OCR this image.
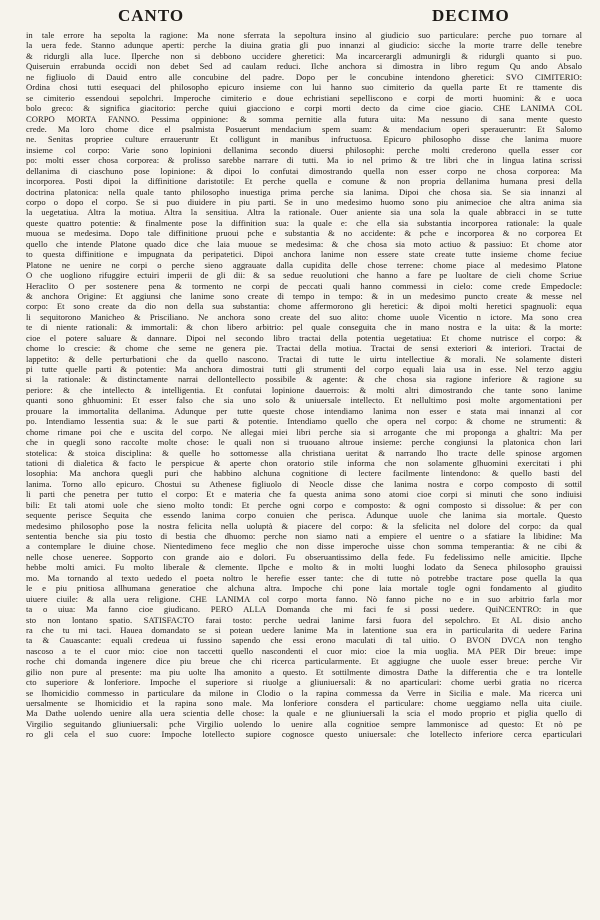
CANTO	DECIMO
in tale errore ha sepolta la ragione: Ma none sferrata la sepoltura insino al giudicio suo particulare: perche puo tornare al
la uera fede. Stanno adunque aperti: perche la diuina gratia gli puo innanzi al giudicio: sicche la morte trarre delle tenebre
& ridurgli alla luce. Ilperche non si debbono uccidere gheretici: Ma incarcerargli admunirgli & ridurgli quanto si puo.
Quiseruin errabunda occidi non debet Sed ad caulam reduci. Ilche anchora si dimostra in libro regum Qu ando Absalo
ne figliuolo di Dauid entro alle concubine del padre. Dopo per le concubine intendono gheretici: SVO CIMITERIO:
Ordina chosi tutti esequaci del philosopho epicuro insieme con lui hanno suo cimiterio da quella parte Et re ttamente dis
se cimiterio essendoui sepolchri. Imperoche cimiterio e doue echristiani sepelliscono e corpi de morti huomini: & e uoca
bolo greco: & significa giacitorio: perche quiui giacciono e corpi morti decto da cime cioe giacio. CHE LANIMA COL
CORPO MORTA FANNO. Pessima oppinione: & somma pernitie alla futura uita: Ma nessuno di sana mente questo
crede. Ma loro chome dice el psalmista Posuerunt mendacium spem suam: & mendacium operi speraueruntr: Et Salomo
ne. Senitas propriee culture erraueruntr Et colligunt in manibus infructuosa. Epicuro philosopho disse che lanima muore
insieme col corpo: Varie sono lopinioni dellanima secondo diuersi philosophi: perche molti crederono quella esser cor
po: molti esser chosa corporea: & prolisso sarebbe narrare di tutti. Ma io nel primo & tre libri che in lingua latina scrissi
dellanima di ciaschuno pose lopinione: & dipoi lo confutai dimostrando quella non esser corpo ne chosa corporea: Ma
incorporea. Posti dipoi la diffinitione daristotile: Et perche quella e comune & non propria dellanima humana presi della
doctrina platonica: nella quale tanto philosopho inuestiga prima perche sia lanima. Dipoi che chosa sia. Se sia innanzi al
corpo o dopo el corpo. Se si puo diuidere in piu parti. Se in uno medesimo huomo sono piu animecioe che altra anima sia
la uegetatiua. Altra la motiua. Altra la sensitiua. Altra la rationale. Ouer aniente sia una sola la quale abbracci in se tutte
queste quattro potentie: & finalmente pose la diffinition sua: la quale e: che ella sia substantia incorporea rationale: la quale
muoua se medesima. Dopo tale diffinitione pruoui pche e substantia & no accidente: & pche e incorporea & no corporea Et
quello che intende Platone quado dice che laia muoue se medesima: & che chosa sia moto actiuo & passiuo: Et chome ator
to questa diffinitione e impugnata da peripatetici. Dipoi anchora lanime non essere state create tutte insieme chome feciue
Platone ne uenire ne corpi o perche sieno aggrauate dalla cupidita delle chose terrene: chome piace al medesimo Platone
O che uogliono rifuggire ectuiri imperii de gli dii: & sa sedue reuolutioni che hanno a fare pe luoltare de cieli chome Scriue
Heraclito O per sostenere pena & tormento ne corpi de peccati quali hanno commessi in cielo: come crede Empedocle:
& anchora Origine: Et aggiunsi che lanime sono create di tempo in tempo: & in un medesimo puncto create & messe nel
corpo: Et sono create da dio non della sua substantia: chome affermorono gli heretici: & dipoi molti heretici spagnuoli: equa
li sequitorono Manicheo & Prisciliano. Ne anchora sono create del suo alito: chome uuole Vicentio n ictore. Ma sono crea
te di niente rationali: & immortali: & chon libero arbitrio: pel quale conseguita che in mano nostra e la uita: & la morte:
cioe el potere saluare & dannare. Dipoi nel secondo libro tractai della potentia uegetatiua: Et chome nutrisce el corpo: &
chome lo crescie: & chome che seme ne genera pie. Tractai della motiua. Tractai de sensi exteriori & interiori. Tractai de
lappetito: & delle perturbationi che da quello nascono. Tractai di tutte le uirtu intellectiue & morali. Ne solamente disteri
pi tutte quelle parti & potentie: Ma anchora dimostrai tutti gli strumenti del corpo equali laia usa in esse. Nel terzo aggiu
si la rationale: & distinctamente narrai dellontellecto possibile & agente: & che chosa sia ragione inferiore & ragione su
periore: & che intellecto & intelligentia. Et confutai lopinione dauerrois: & molti altri dimostrando che tante sono lanime
quanti sono ghhuomini: Et esser falso che sia uno solo & uniuersale intellecto. Et nellultimo posi molte argomentationi per
prouare la immortalita dellanima. Adunque per tutte queste chose intendiamo lanima non esser e stata mai innanzi al cor
po. Intendiamo lessentia sua: & le sue parti & potentie. Intendiamo quello che opera nel corpo: & chome ne strumenti: &
chome rimane poi che e uscita del corpo. Ne allegai miei libri perche sia si arrogante che mi proponga a ghaltri: Ma per
che in quegli sono raccolte molte chose: le quali non si truouano altroue insieme: perche congiunsi la platonica chon lari
stotelica: & stoica disciplina: & quelle ho sottomesse alla christiana ueritat & narrando lho tracte delle spinose argomen
tationi di dialetica & facto le perspicue & aperte chon oratorio stile informa che non solamente glhuomini exercitati i phi
losophia: Ma anchora quegli puri che habbino alchuna cognitione di lectere facilmente lintendono: & quello basti del
lanima. Torno allo epicuro. Chostui su Athenese figliuolo di Neocle disse che lanima nostra e corpo composto di sottil
li parti che penetra per tutto el corpo: Et e materia che fa questa anima sono atomi cioe corpi si minuti che sono indiuisi
bili: Et tali atomi uole che sieno molto tondi: Et perche ogni corpo e composto: & ogni composto si dissolue: & per con
sequente perisce Sequita che essendo lanima corpo conuien che perisca. Adunque uuole che lanima sia mortale. Questo
medesimo philosopho pose la nostra felicita nella uoluptà & piacere del corpo: & la sfelicita nel dolore del corpo: da qual
sententia benche sia piu tosto di bestia che dhuomo: perche non siamo nati a empiere el uentre o a sfatiare la libidine: Ma
a contemplare le diuine chose. Nientedimeno fece meglio che non disse imperoche uisse chon somma temperantia: & ne cibi &
nelle chose ueneree. Sopporto con grande aio e dolori. Fu obseruantissimo della fede. Fu fedelissimo nelle amicitie. Ilpche
hebbe molti amici. Fu molto liberale & clemente. Ilpche e molto & in molti luoghi lodato da Seneca philosopho grauissi
mo. Ma tornando al texto uededo el poeta noltro le herefie esser tante: che di tutte nò potrebbe tractare pose quella la qua
le e piu pnitiosa allhumana generatioe che alchuna altra. Impoche chi pone laia mortale togle ogni fondamento al giudito
uiuere ciuile: & alla uera religione. CHE LANIMA col corpo morta fanno. Nò fanno piche no e in suo arbitrio farla mor
ta o uiua: Ma fanno cioe giudicano. PERO ALLA Domanda che mi faci fe si possi uedere. QuiNCENTRO: in que
sto non lontano spatio. SATISFACTO farai tosto: perche uedrai lanime farsi fuora del sepolchro. Et AL disio ancho
ra che tu mi taci. Hauea domandato se si potean uedere lanime Ma in latentione sua era in particularita di uedere Farina
ta & Cauascante: equali credeua ui fussino sapendo che essi erono maculati di tal uitio. O BVON DVCA non tengho
nascoso a te el cuor mio: cioe non taccetti quello nascondenti el cuor mio: cioe la mia uoglia. MA PER Dir breue: impe
roche chi domanda ingenere dice piu breue che chi ricerca particularmente. Et aggiugne che uuole esser breue: perche Vir
gilio non pure al presente: ma piu uolte lha amonito a questo. Et sottilmente dimostra Dathe la differentia che e tra lontelle
cto superiore & lonferiore. Impoche el superiore si riuolge a gliuniuersali: & no aparticulari: chome uerbi gratia no ricerca
se lhomicidio commesso in particulare da milone in Clodio o la rapina commessa da Verre in Sicilia e male. Ma ricerca uni
uersalmente se lhomicidio et la rapina sono male. Ma lonferiore consdera el particulare: chome ueggiamo nella uita ciuile.
Ma Dathe uolendo uenire alla uera scientia delle chose: la quale e ne gliuniuersali la scia el modo proprio et piglia quello di
Virgilio seguitando gliuniuersali: pche Virgilio uolendo lo uenire alla cognitioe sempre lammonisce ad questo: Et nò pe
ro gli cela el suo cuore: Impoche lotellecto supiore cognosce questo uniuersale: che lotellecto inferiore cerca eparticulari
